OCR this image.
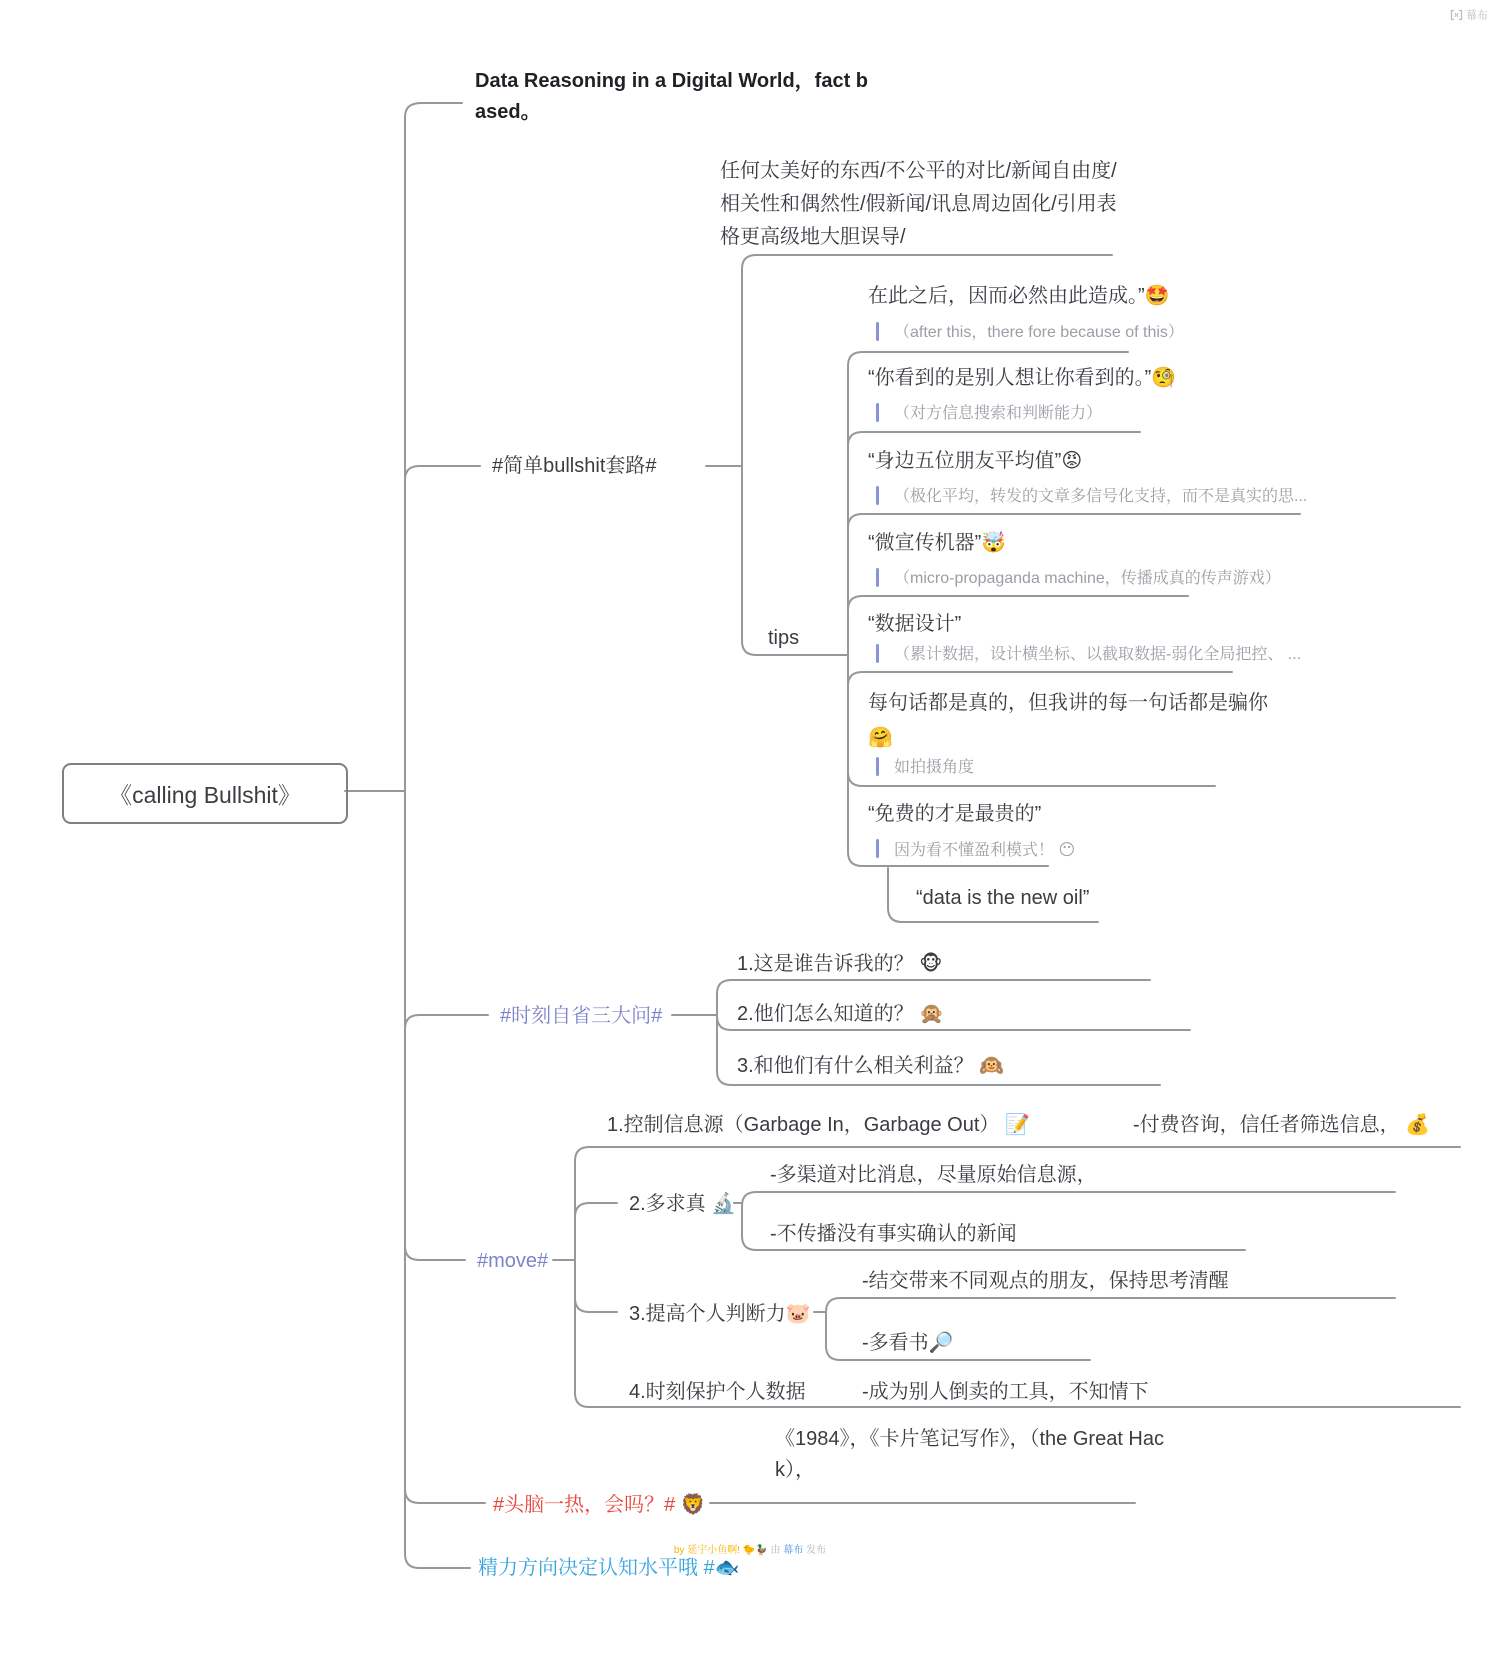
幕布
《calling Bullshit》
Data Reasoning in a Digital World，fact based。
#简单bullshit套路#
任何太美好的东西/不公平的对比/新闻自由度/相关性和偶然性/假新闻/讯息周边固化/引用表格更高级地大胆误导/
tips
在此之后，因而必然由此造成。”🤩
（after this，there fore because of this）
“你看到的是别人想让你看到的。”🧐
（对方信息搜索和判断能力）
“身边五位朋友平均值”😡
（极化平均，转发的文章多信号化支持，而不是真实的思...
“微宣传机器”🤯
（micro-propaganda machine，传播成真的传声游戏）
“数据设计”
（累计数据，设计横坐标、以截取数据-弱化全局把控、 ...
每句话都是真的，但我讲的每一句话都是骗你
🤗
如拍摄角度
“免费的才是最贵的”
因为看不懂盈利模式！ 😶
“data is the new oil”
#时刻自省三大问#
1.这是谁告诉我的？ 🐵
2.他们怎么知道的？ 🙊
3.和他们有什么相关利益？ 🙉
#move#
1.控制信息源（Garbage In，Garbage Out） 📝	-付费咨询，信任者筛选信息， 💰
2.多求真 🔬
-多渠道对比消息，尽量原始信息源，
-不传播没有事实确认的新闻
3.提高个人判断力🐷
-结交带来不同观点的朋友，保持思考清醒
-多看书🔎
4.时刻保护个人数据	-成为别人倒卖的工具，不知情下
#头脑一热，会吗？# 🦁
《1984》，《卡片笔记写作》，（the Great Hack），
精力方向决定认知水平哦 #🐟
by 延宇小鱼啊! 🐤🦆 由 幕布 发布
